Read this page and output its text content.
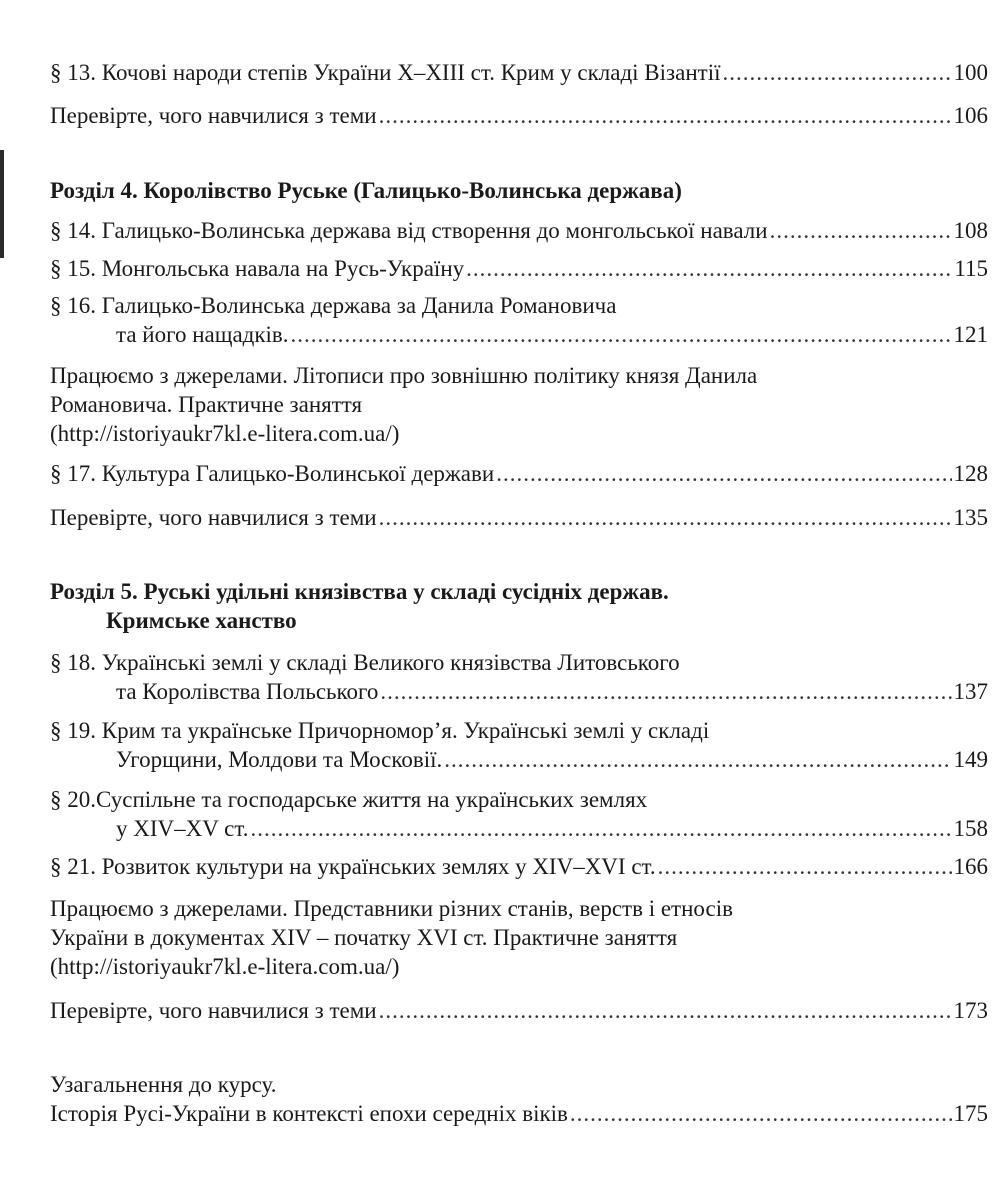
§ 13. Кочові народи степів України X–XIII ст. Крим у складі Візантії .....	100
Перевірте, чого навчилися з теми .....	106
Розділ 4. Королівство Руське (Галицько-Волинська держава)
§ 14. Галицько-Волинська держава від створення до монгольської навали .....	108
§ 15. Монгольська навала на Русь-Україну .....	115
§ 16. Галицько-Волинська держава за Данила Романовича
та його нащадків. .....	121
Працюємо з джерелами. Літописи про зовнішню політику князя Данила
Романовича. Практичне заняття
(http://istoriyaukr7kl.e-litera.com.ua/)
§ 17. Культура Галицько-Волинської держави .....	128
Перевірте, чого навчилися з теми .....	135
Розділ 5. Руські удільні князівства у складі сусідніх держав.
Кримське ханство
§ 18. Українські землі у складі Великого князівства Литовського
та Королівства Польського .....	137
§ 19. Крим та українське Причорномор’я. Українські землі у складі
Угорщини, Молдови та Московії. .....	149
§ 20.Суспільне та господарське життя на українських землях
у XIV–XV ст. .....	158
§ 21. Розвиток культури на українських землях у XIV–XVI ст. .....	166
Працюємо з джерелами. Представники різних станів, верств і етносів
України в документах XIV – початку XVI ст. Практичне заняття
(http://istoriyaukr7kl.e-litera.com.ua/)
Перевірте, чого навчилися з теми .....	173
Узагальнення до курсу.
Історія Русі-України в контексті епохи середніх віків .....	175
